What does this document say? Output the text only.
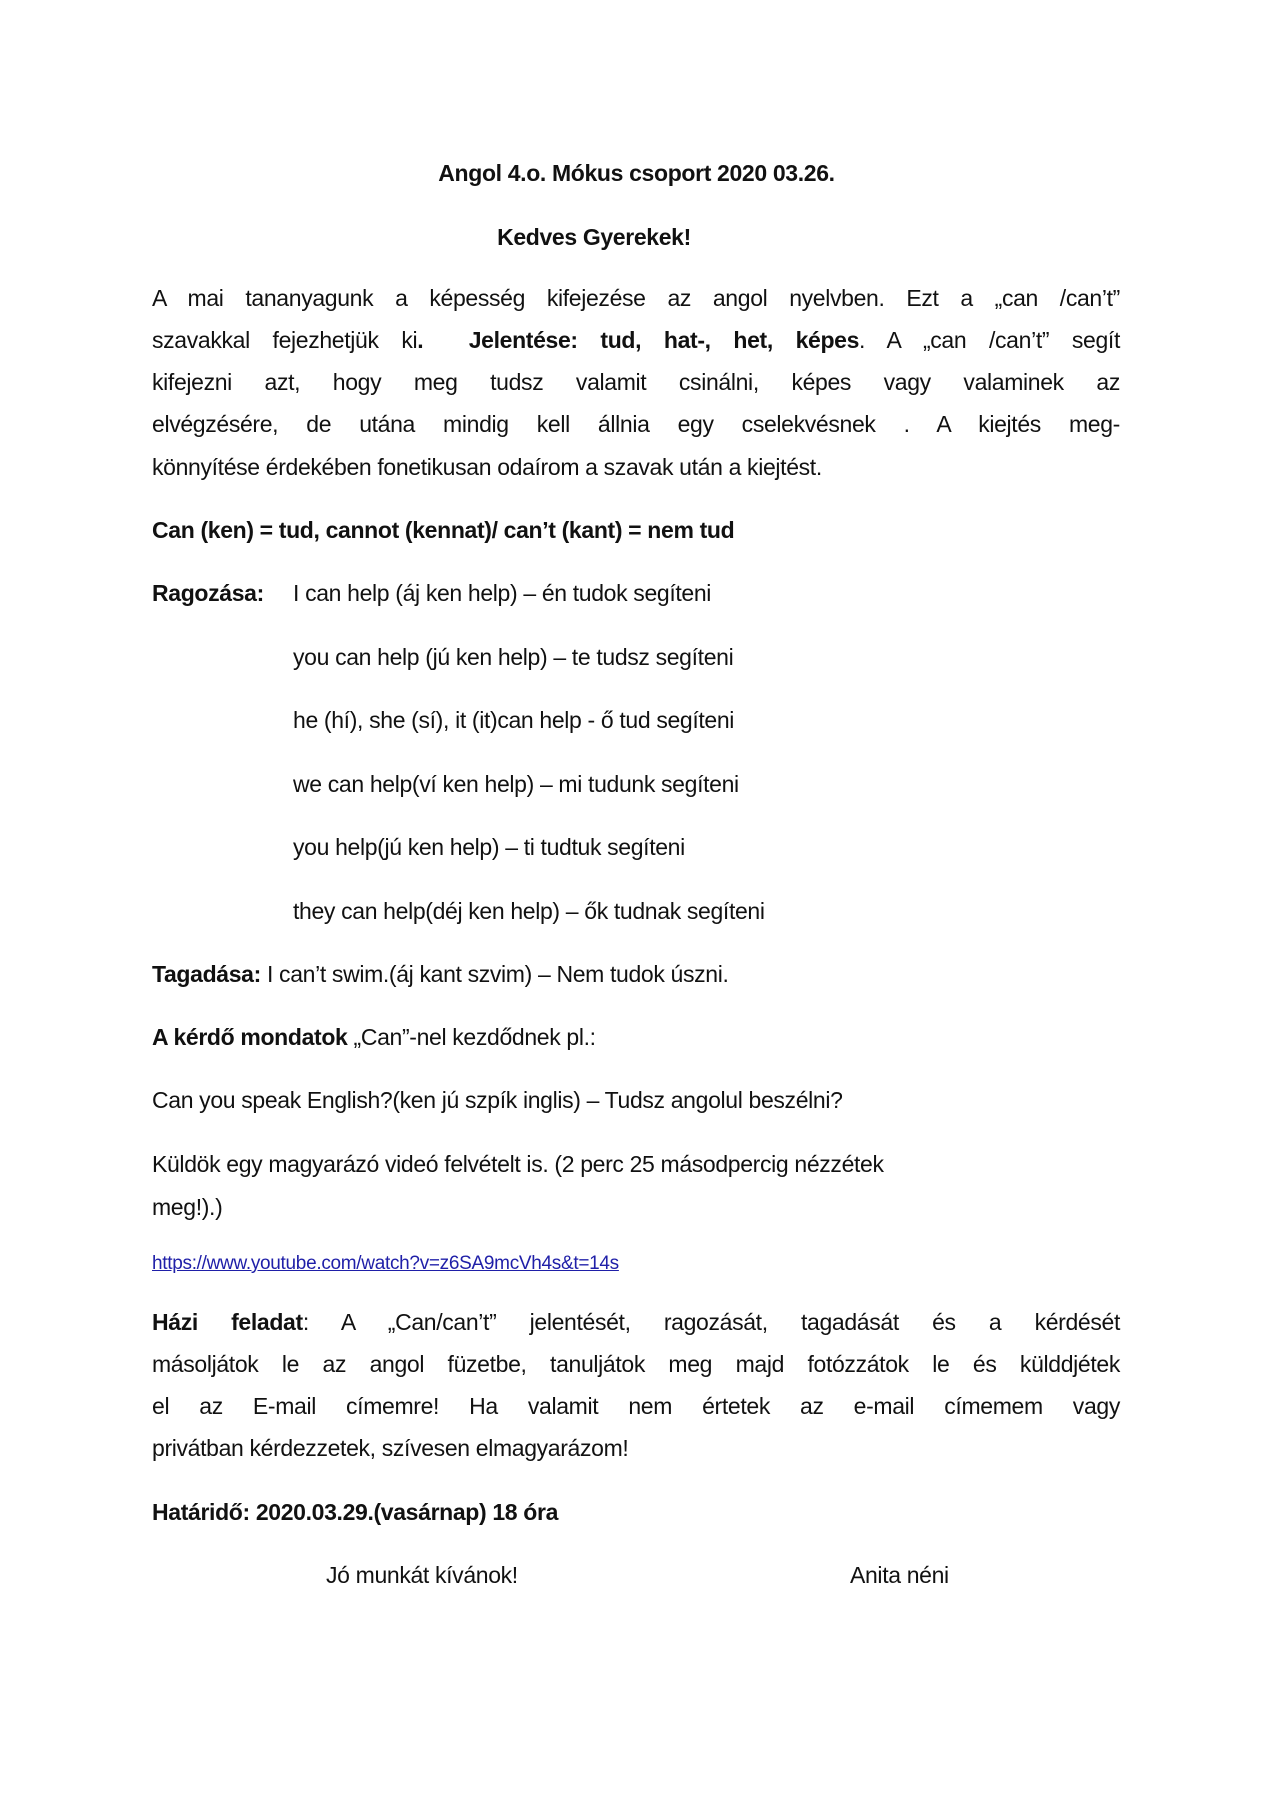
Angol 4.o. Mókus csoport 2020 03.26.
Kedves Gyerekek!
A mai tananyagunk a képesség kifejezése az angol nyelvben. Ezt a „can /can’t”
szavakkal fejezhetjük ki. Jelentése: tud, hat-, het, képes. A „can /can’t” segít
kifejezni azt, hogy meg tudsz valamit csinálni, képes vagy valaminek az
elvégzésére, de utána mindig kell állnia egy cselekvésnek . A kiejtés meg-
könnyítése érdekében fonetikusan odaírom a szavak után a kiejtést.
Can (ken) = tud, cannot (kennat)/ can’t (kant) = nem tud
Ragozása: I can help (áj ken help) – én tudok segíteni
you can help (jú ken help) – te tudsz segíteni
he (hí), she (sí), it (it)can help - ő tud segíteni
we can help(ví ken help) – mi tudunk segíteni
you help(jú ken help) – ti tudtuk segíteni
they can help(déj ken help) – ők tudnak segíteni
Tagadása: I can’t swim.(áj kant szvim) – Nem tudok úszni.
A kérdő mondatok „Can”-nel kezdődnek pl.:
Can you speak English?(ken jú szpík inglis) – Tudsz angolul beszélni?
Küldök egy magyarázó videó felvételt is. (2 perc 25 másodpercig nézzétek
meg!).)
https://www.youtube.com/watch?v=z6SA9mcVh4s&t=14s
Házi feladat: A „Can/can’t” jelentését, ragozását, tagadását és a kérdését
másoljátok le az angol füzetbe, tanuljátok meg majd fotózzátok le és külddjétek
el az E-mail címemre! Ha valamit nem értetek az e-mail címemem vagy
privátban kérdezzetek, szívesen elmagyarázom!
Határidő: 2020.03.29.(vasárnap) 18 óra
Jó munkát kívánok!	Anita néni
